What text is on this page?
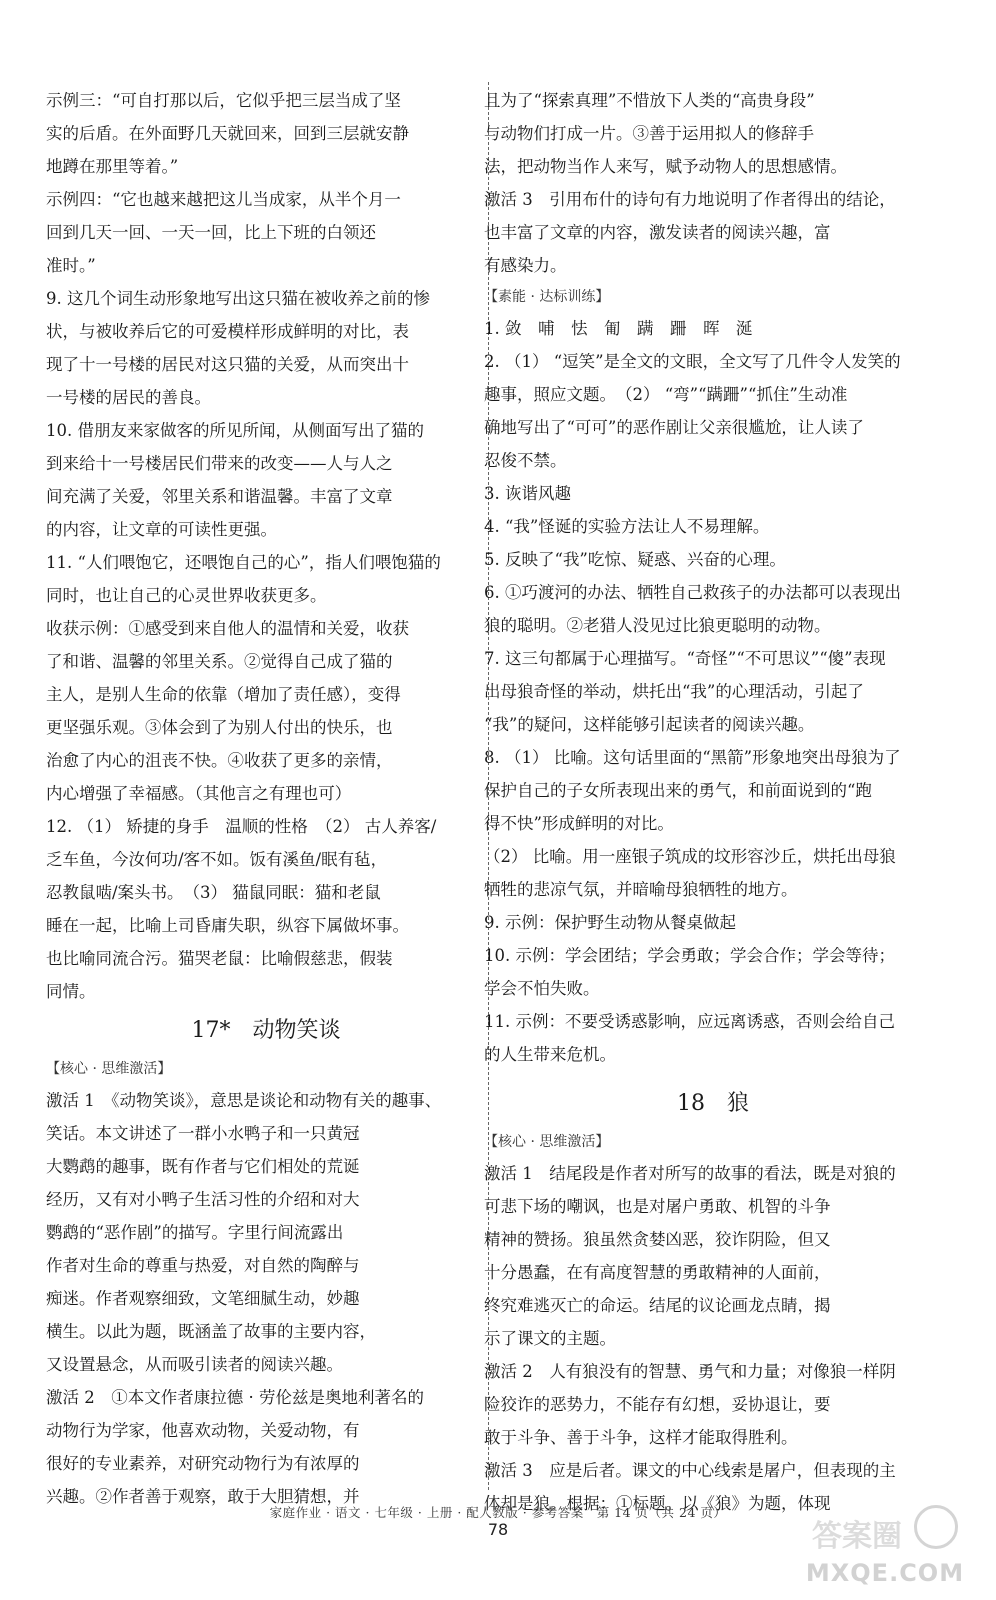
示例三：“可自打那以后，它似乎把三层当成了坚
实的后盾。在外面野几天就回来，回到三层就安静
地蹲在那里等着。”
示例四：“它也越来越把这儿当成家，从半个月一
回到几天一回、一天一回，比上下班的白领还
准时。”
9. 这几个词生动形象地写出这只猫在被收养之前的惨
状，与被收养后它的可爱模样形成鲜明的对比，表
现了十一号楼的居民对这只猫的关爱，从而突出十
一号楼的居民的善良。
10. 借朋友来家做客的所见所闻，从侧面写出了猫的
到来给十一号楼居民们带来的改变——人与人之
间充满了关爱，邻里关系和谐温馨。丰富了文章
的内容，让文章的可读性更强。
11. “人们喂饱它，还喂饱自己的心”，指人们喂饱猫的
同时，也让自己的心灵世界收获更多。
收获示例：①感受到来自他人的温情和关爱，收获
了和谐、温馨的邻里关系。②觉得自己成了猫的
主人，是别人生命的依靠（增加了责任感），变得
更坚强乐观。③体会到了为别人付出的快乐，也
治愈了内心的沮丧不快。④收获了更多的亲情，
内心增强了幸福感。（其他言之有理也可）
12. （1） 矫捷的身手　温顺的性格　（2） 古人养客/
乏车鱼，今汝何功/客不如。饭有溪鱼/眠有毡，
忍教鼠啮/案头书。　（3） 猫鼠同眠：猫和老鼠
睡在一起，比喻上司昏庸失职，纵容下属做坏事。
也比喻同流合污。猫哭老鼠：比喻假慈悲，假装
同情。
17*　动物笑谈
【核心 · 思维激活】
激活 1　《动物笑谈》，意思是谈论和动物有关的趣事、
笑话。本文讲述了一群小水鸭子和一只黄冠
大鹦鹉的趣事，既有作者与它们相处的荒诞
经历，又有对小鸭子生活习性的介绍和对大
鹦鹉的“恶作剧”的描写。字里行间流露出
作者对生命的尊重与热爱，对自然的陶醉与
痴迷。作者观察细致，文笔细腻生动，妙趣
横生。以此为题，既涵盖了故事的主要内容，
又设置悬念，从而吸引读者的阅读兴趣。
激活 2　①本文作者康拉德 · 劳伦兹是奥地利著名的
动物行为学家，他喜欢动物，关爱动物，有
很好的专业素养，对研究动物行为有浓厚的
兴趣。②作者善于观察，敢于大胆猜想，并
且为了“探索真理”不惜放下人类的“高贵身段”
与动物们打成一片。③善于运用拟人的修辞手
法，把动物当作人来写，赋予动物人的思想感情。
激活 3　引用布什的诗句有力地说明了作者得出的结论，
也丰富了文章的内容，激发读者的阅读兴趣，富
有感染力。
【素能 · 达标训练】
1. 敛　哺　怯　匍　蹒　跚　晖　涎
2. （1） “逗笑”是全文的文眼，全文写了几件令人发笑的
趣事，照应文题。　（2） “弯”“蹒跚”“抓住”生动准
确地写出了“可可”的恶作剧让父亲很尴尬，让人读了
忍俊不禁。
3. 诙谐风趣
4. “我”怪诞的实验方法让人不易理解。
5. 反映了“我”吃惊、疑惑、兴奋的心理。
6. ①巧渡河的办法、牺牲自己救孩子的办法都可以表现出
狼的聪明。②老猎人没见过比狼更聪明的动物。
7. 这三句都属于心理描写。“奇怪”“不可思议”“傻”表现
出母狼奇怪的举动，烘托出“我”的心理活动，引起了
“我”的疑问，这样能够引起读者的阅读兴趣。
8. （1） 比喻。这句话里面的“黑箭”形象地突出母狼为了
保护自己的子女所表现出来的勇气，和前面说到的“跑
得不快”形成鲜明的对比。
（2） 比喻。用一座银子筑成的坟形容沙丘，烘托出母狼
牺牲的悲凉气氛，并暗喻母狼牺牲的地方。
9. 示例：保护野生动物从餐桌做起
10. 示例：学会团结；学会勇敢；学会合作；学会等待；
学会不怕失败。
11. 示例：不要受诱惑影响，应远离诱惑，否则会给自己
的人生带来危机。
18　狼
【核心 · 思维激活】
激活 1　结尾段是作者对所写的故事的看法，既是对狼的
可悲下场的嘲讽，也是对屠户勇敢、机智的斗争
精神的赞扬。狼虽然贪婪凶恶，狡诈阴险，但又
十分愚蠢，在有高度智慧的勇敢精神的人面前，
终究难逃灭亡的命运。结尾的议论画龙点睛，揭
示了课文的主题。
激活 2　人有狼没有的智慧、勇气和力量；对像狼一样阴
险狡诈的恶势力，不能存有幻想，妥协退让，要
敢于斗争、善于斗争，这样才能取得胜利。
激活 3　应是后者。课文的中心线索是屠户，但表现的主
体却是狼。根据：①标题。以《狼》为题，体现
家庭作业 · 语文 · 七年级 · 上册 · 配人教版 · 参考答案　第 14 页（共 24 页）
78	答案圈
MXQE.COM
